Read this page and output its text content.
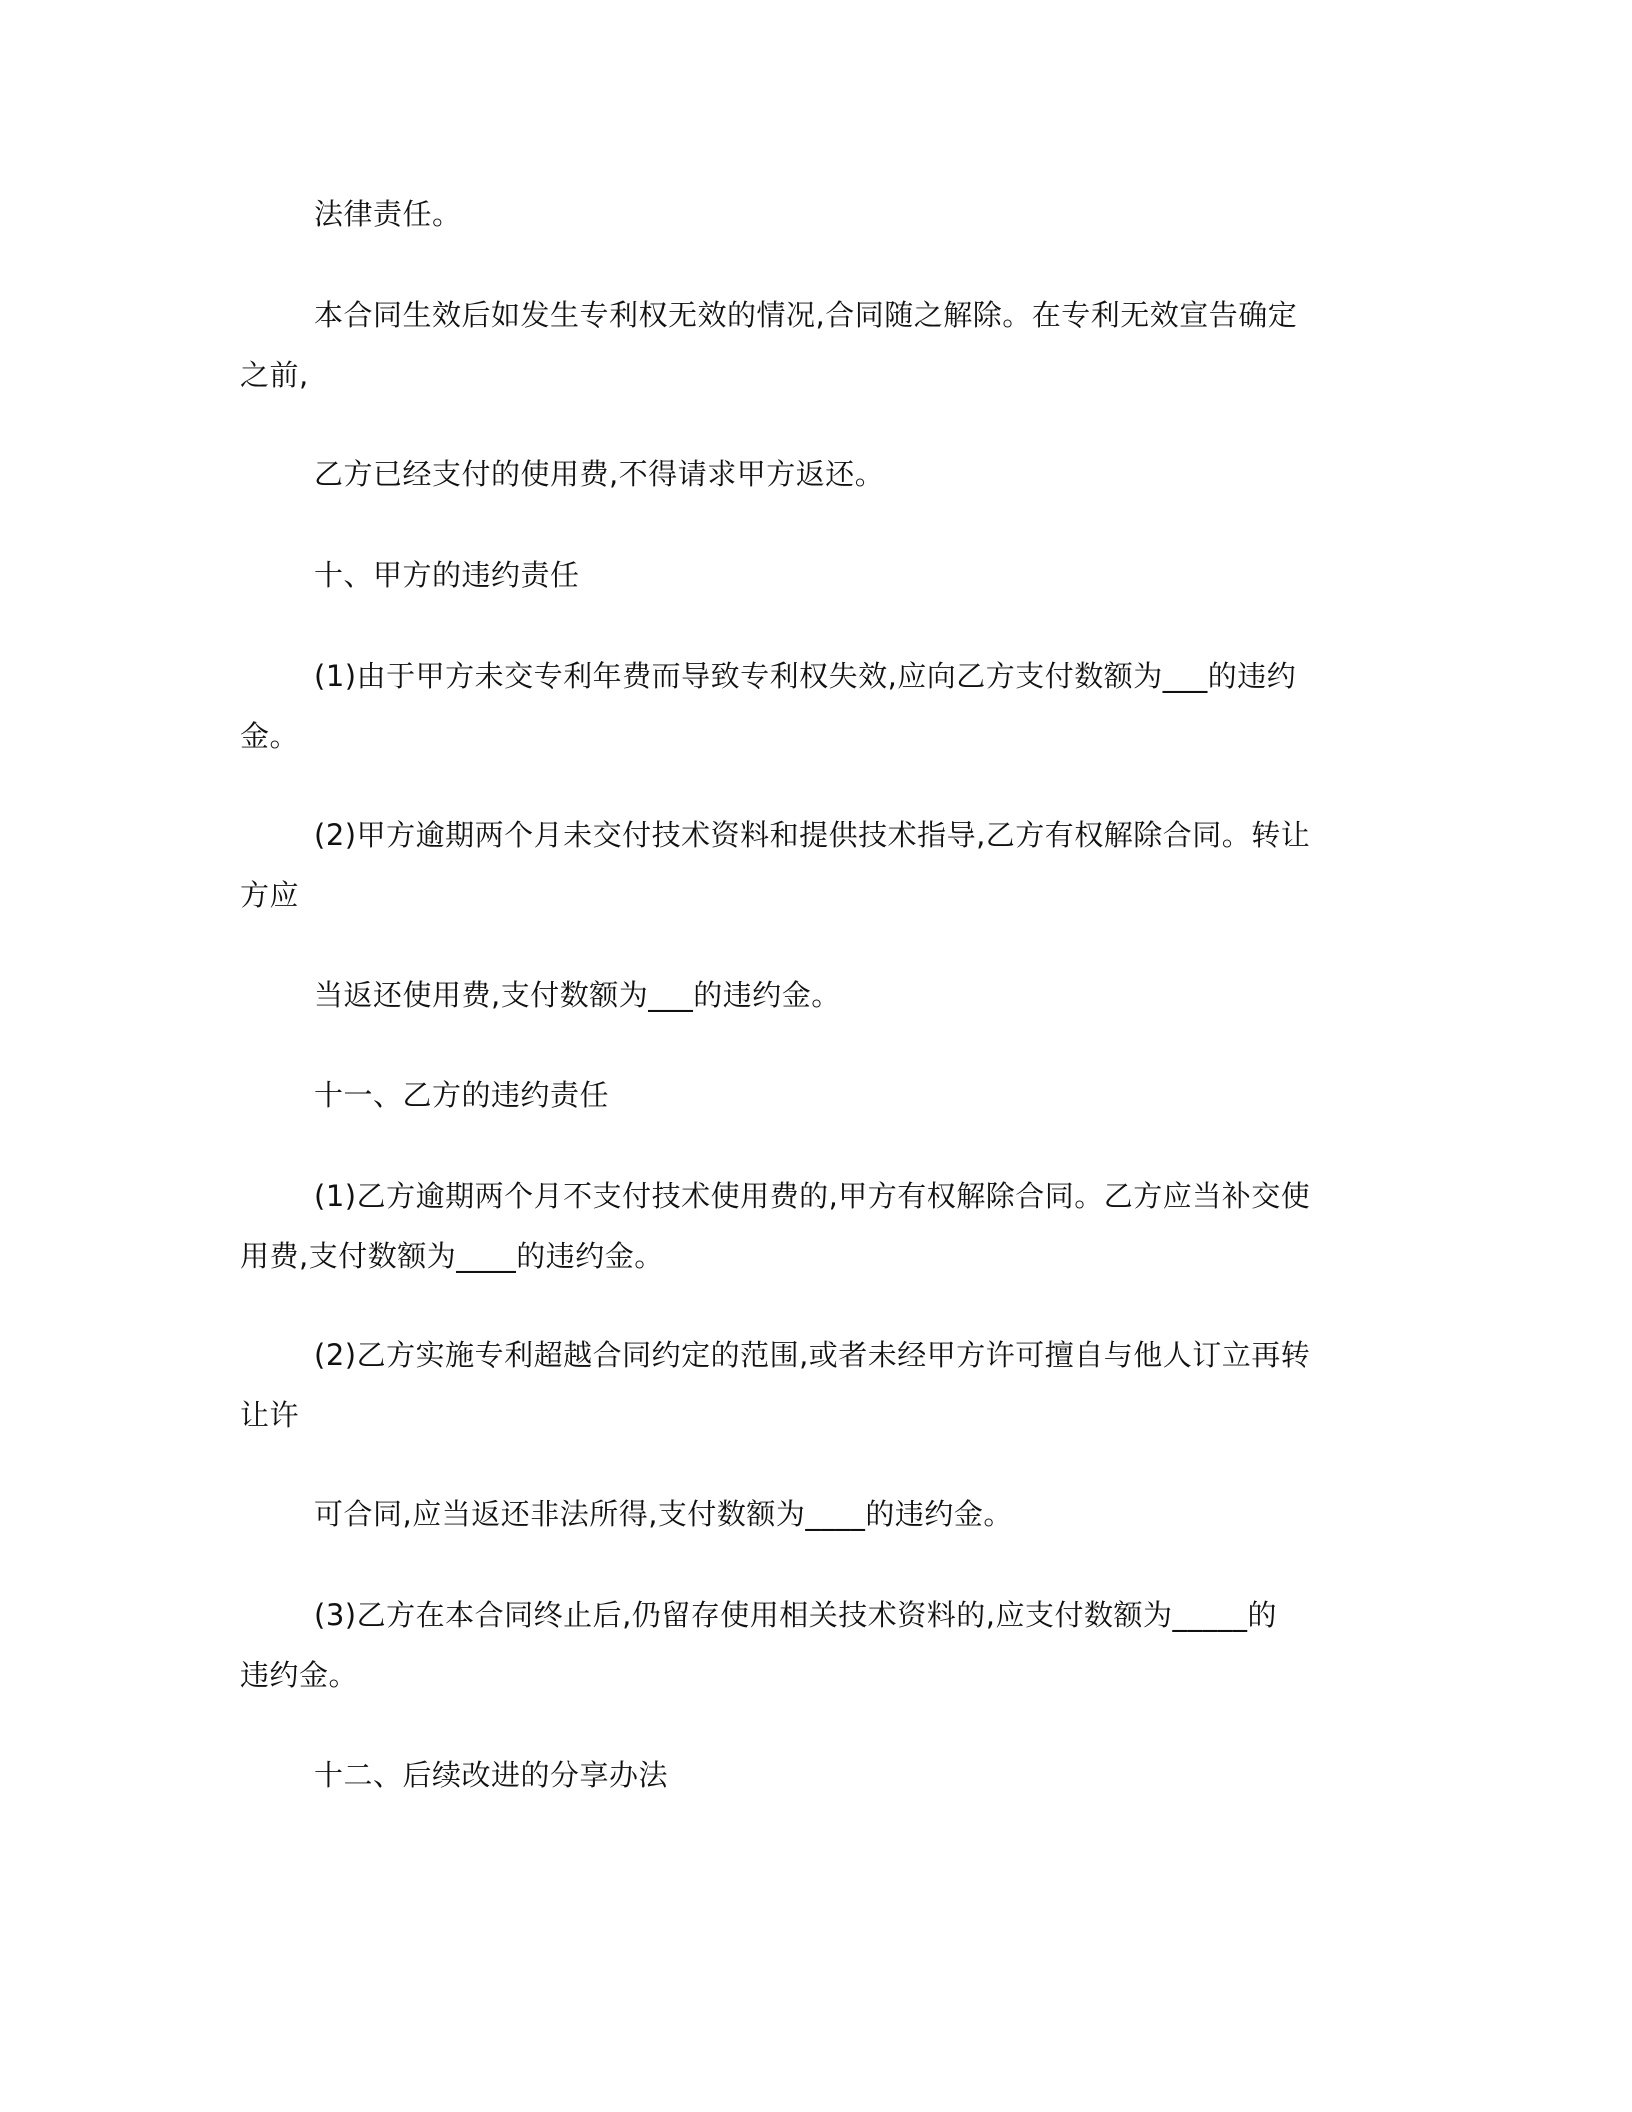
法律责任。
本合同生效后如发生专利权无效的情况,合同随之解除。在专利无效宣告确定
之前,
乙方已经支付的使用费,不得请求甲方返还。
十、甲方的违约责任
(1)由于甲方未交专利年费而导致专利权失效,应向乙方支付数额为___的违约
金。
(2)甲方逾期两个月未交付技术资料和提供技术指导,乙方有权解除合同。转让
方应
当返还使用费,支付数额为___的违约金。
十一、乙方的违约责任
(1)乙方逾期两个月不支付技术使用费的,甲方有权解除合同。乙方应当补交使
用费,支付数额为____的违约金。
(2)乙方实施专利超越合同约定的范围,或者未经甲方许可擅自与他人订立再转
让许
可合同,应当返还非法所得,支付数额为____的违约金。
(3)乙方在本合同终止后,仍留存使用相关技术资料的,应支付数额为_____的
违约金。
十二、后续改进的分享办法
